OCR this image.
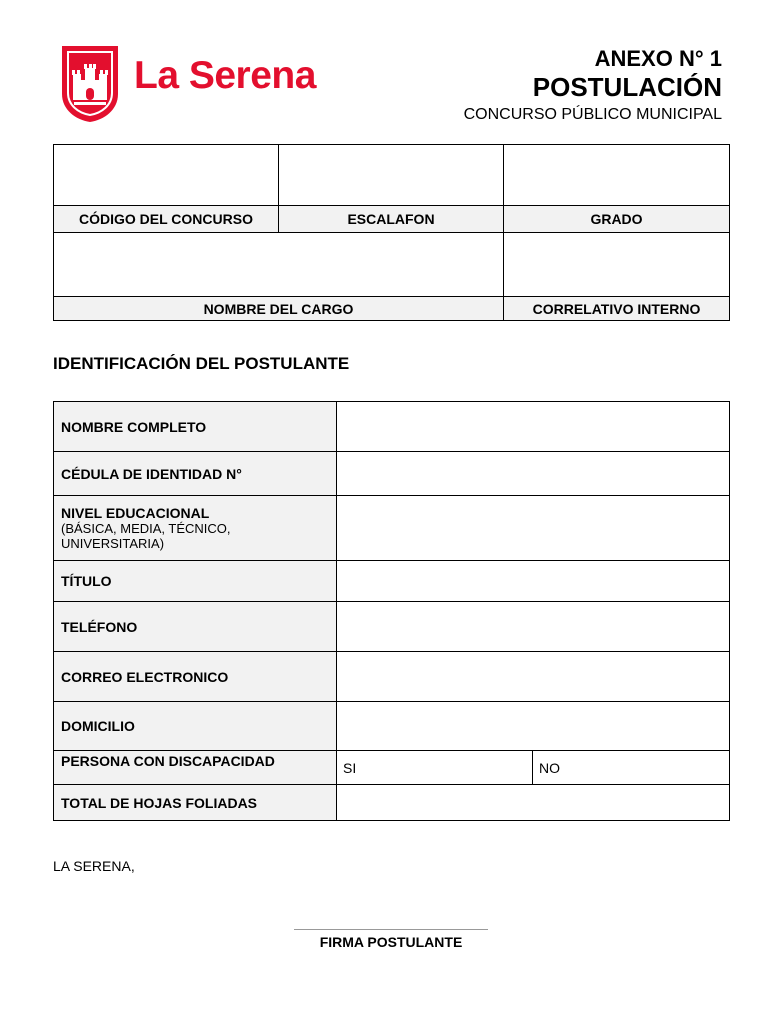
La Serena	ANEXO N° 1
POSTULACIÓN
CONCURSO PÚBLICO MUNICIPAL

CÓDIGO DEL CONCURSO	ESCALAFON	GRADO

NOMBRE DEL CARGO	CORRELATIVO INTERNO
IDENTIFICACIÓN DEL POSTULANTE
NOMBRE COMPLETO		
CÉDULA DE IDENTIDAD N°		
NIVEL EDUCACIONAL
(BÁSICA, MEDIA, TÉCNICO, UNIVERSITARIA)		

TÍTULO		
TELÉFONO		
CORREO ELECTRONICO		
DOMICILIO		
PERSONA CON DISCAPACIDAD	SI	NO
TOTAL DE HOJAS FOLIADAS		
LA SERENA,
FIRMA POSTULANTE
